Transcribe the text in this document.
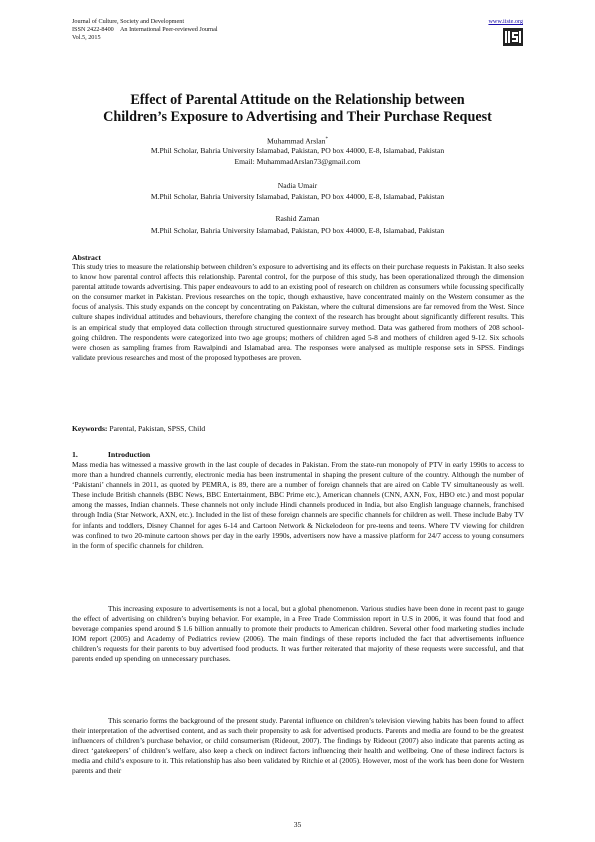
Journal of Culture, Society and Development
ISSN 2422-8400 An International Peer-reviewed Journal
Vol.5, 2015
www.iiste.org
Effect of Parental Attitude on the Relationship between
Children’s Exposure to Advertising and Their Purchase Request
Muhammad Arslan*
M.Phil Scholar, Bahria University Islamabad, Pakistan, PO box 44000, E-8, Islamabad, Pakistan
Email: MuhammadArslan73@gmail.com
Nadia Umair
M.Phil Scholar, Bahria University Islamabad, Pakistan, PO box 44000, E-8, Islamabad, Pakistan
Rashid Zaman
M.Phil Scholar, Bahria University Islamabad, Pakistan, PO box 44000, E-8, Islamabad, Pakistan
Abstract

This study tries to measure the relationship between children’s exposure to advertising and its effects on their purchase requests in Pakistan. It also seeks to know how parental control affects this relationship. Parental control, for the purpose of this study, has been operationalized through the dimension parental attitude towards advertising. This paper endeavours to add to an existing pool of research on children as consumers while focussing specifically on the consumer market in Pakistan. Previous researches on the topic, though exhaustive, have concentrated mainly on the Western consumer as the focus of analysis. This study expands on the concept by concentrating on Pakistan, where the cultural dimensions are far removed from the West. Since culture shapes individual attitudes and behaviours, therefore changing the context of the research has brought about significantly different results. This is an empirical study that employed data collection through structured questionnaire survey method. Data was gathered from mothers of 208 school-going children. The respondents were categorized into two age groups; mothers of children aged 5-8 and mothers of children aged 9-12. Six schools were chosen as sampling frames from Rawalpindi and Islamabad area. The responses were analysed as multiple response sets in SPSS. Findings validate previous researches and most of the proposed hypotheses are proven.

Keywords: Parental, Pakistan, SPSS, Child
1.	Introduction

Mass media has witnessed a massive growth in the last couple of decades in Pakistan. From the state-run monopoly of PTV in early 1990s to access to more than a hundred channels currently, electronic media has been instrumental in shaping the present culture of the country. Although the number of ‘Pakistani’ channels in 2011, as quoted by PEMRA, is 89, there are a number of foreign channels that are aired on Cable TV simultaneously as well. These include British channels (BBC News, BBC Entertainment, BBC Prime etc.), American channels (CNN, AXN, Fox, HBO etc.) and most popular among the masses, Indian channels. These channels not only include Hindi channels produced in India, but also English language channels, franchised through India (Star Network, AXN, etc.). Included in the list of these foreign channels are specific channels for children as well. These include Baby TV for infants and toddlers, Disney Channel for ages 6-14 and Cartoon Network & Nickelodeon for pre-teens and teens. Where TV viewing for children was confined to two 20-minute cartoon shows per day in the early 1990s, advertisers now have a massive platform for 24/7 access to young consumers in the form of specific channels for children.

This increasing exposure to advertisements is not a local, but a global phenomenon. Various studies have been done in recent past to gauge the effect of advertising on children’s buying behavior. For example, in a Free Trade Commission report in U.S in 2006, it was found that food and beverage companies spend around $ 1.6 billion annually to promote their products to American children. Several other food marketing studies include IOM report (2005) and Academy of Pediatrics review (2006). The main findings of these reports included the fact that advertisements influence children’s requests for their parents to buy advertised food products. It was further reiterated that majority of these requests were successful, and that parents ended up spending on unnecessary purchases.

This scenario forms the background of the present study. Parental influence on children’s television viewing habits has been found to affect their interpretation of the advertised content, and as such their propensity to ask for advertised products. Parents and media are found to be the greatest influencers of children’s purchase behavior, or child consumerism (Rideout, 2007). The findings by Rideout (2007) also indicate that parents acting as direct ‘gatekeepers’ of children’s welfare, also keep a check on indirect factors influencing their health and wellbeing. One of these indirect factors is media and child’s exposure to it. This relationship has also been validated by Ritchie et al (2005). However, most of the work has been done for Western parents and their

35
